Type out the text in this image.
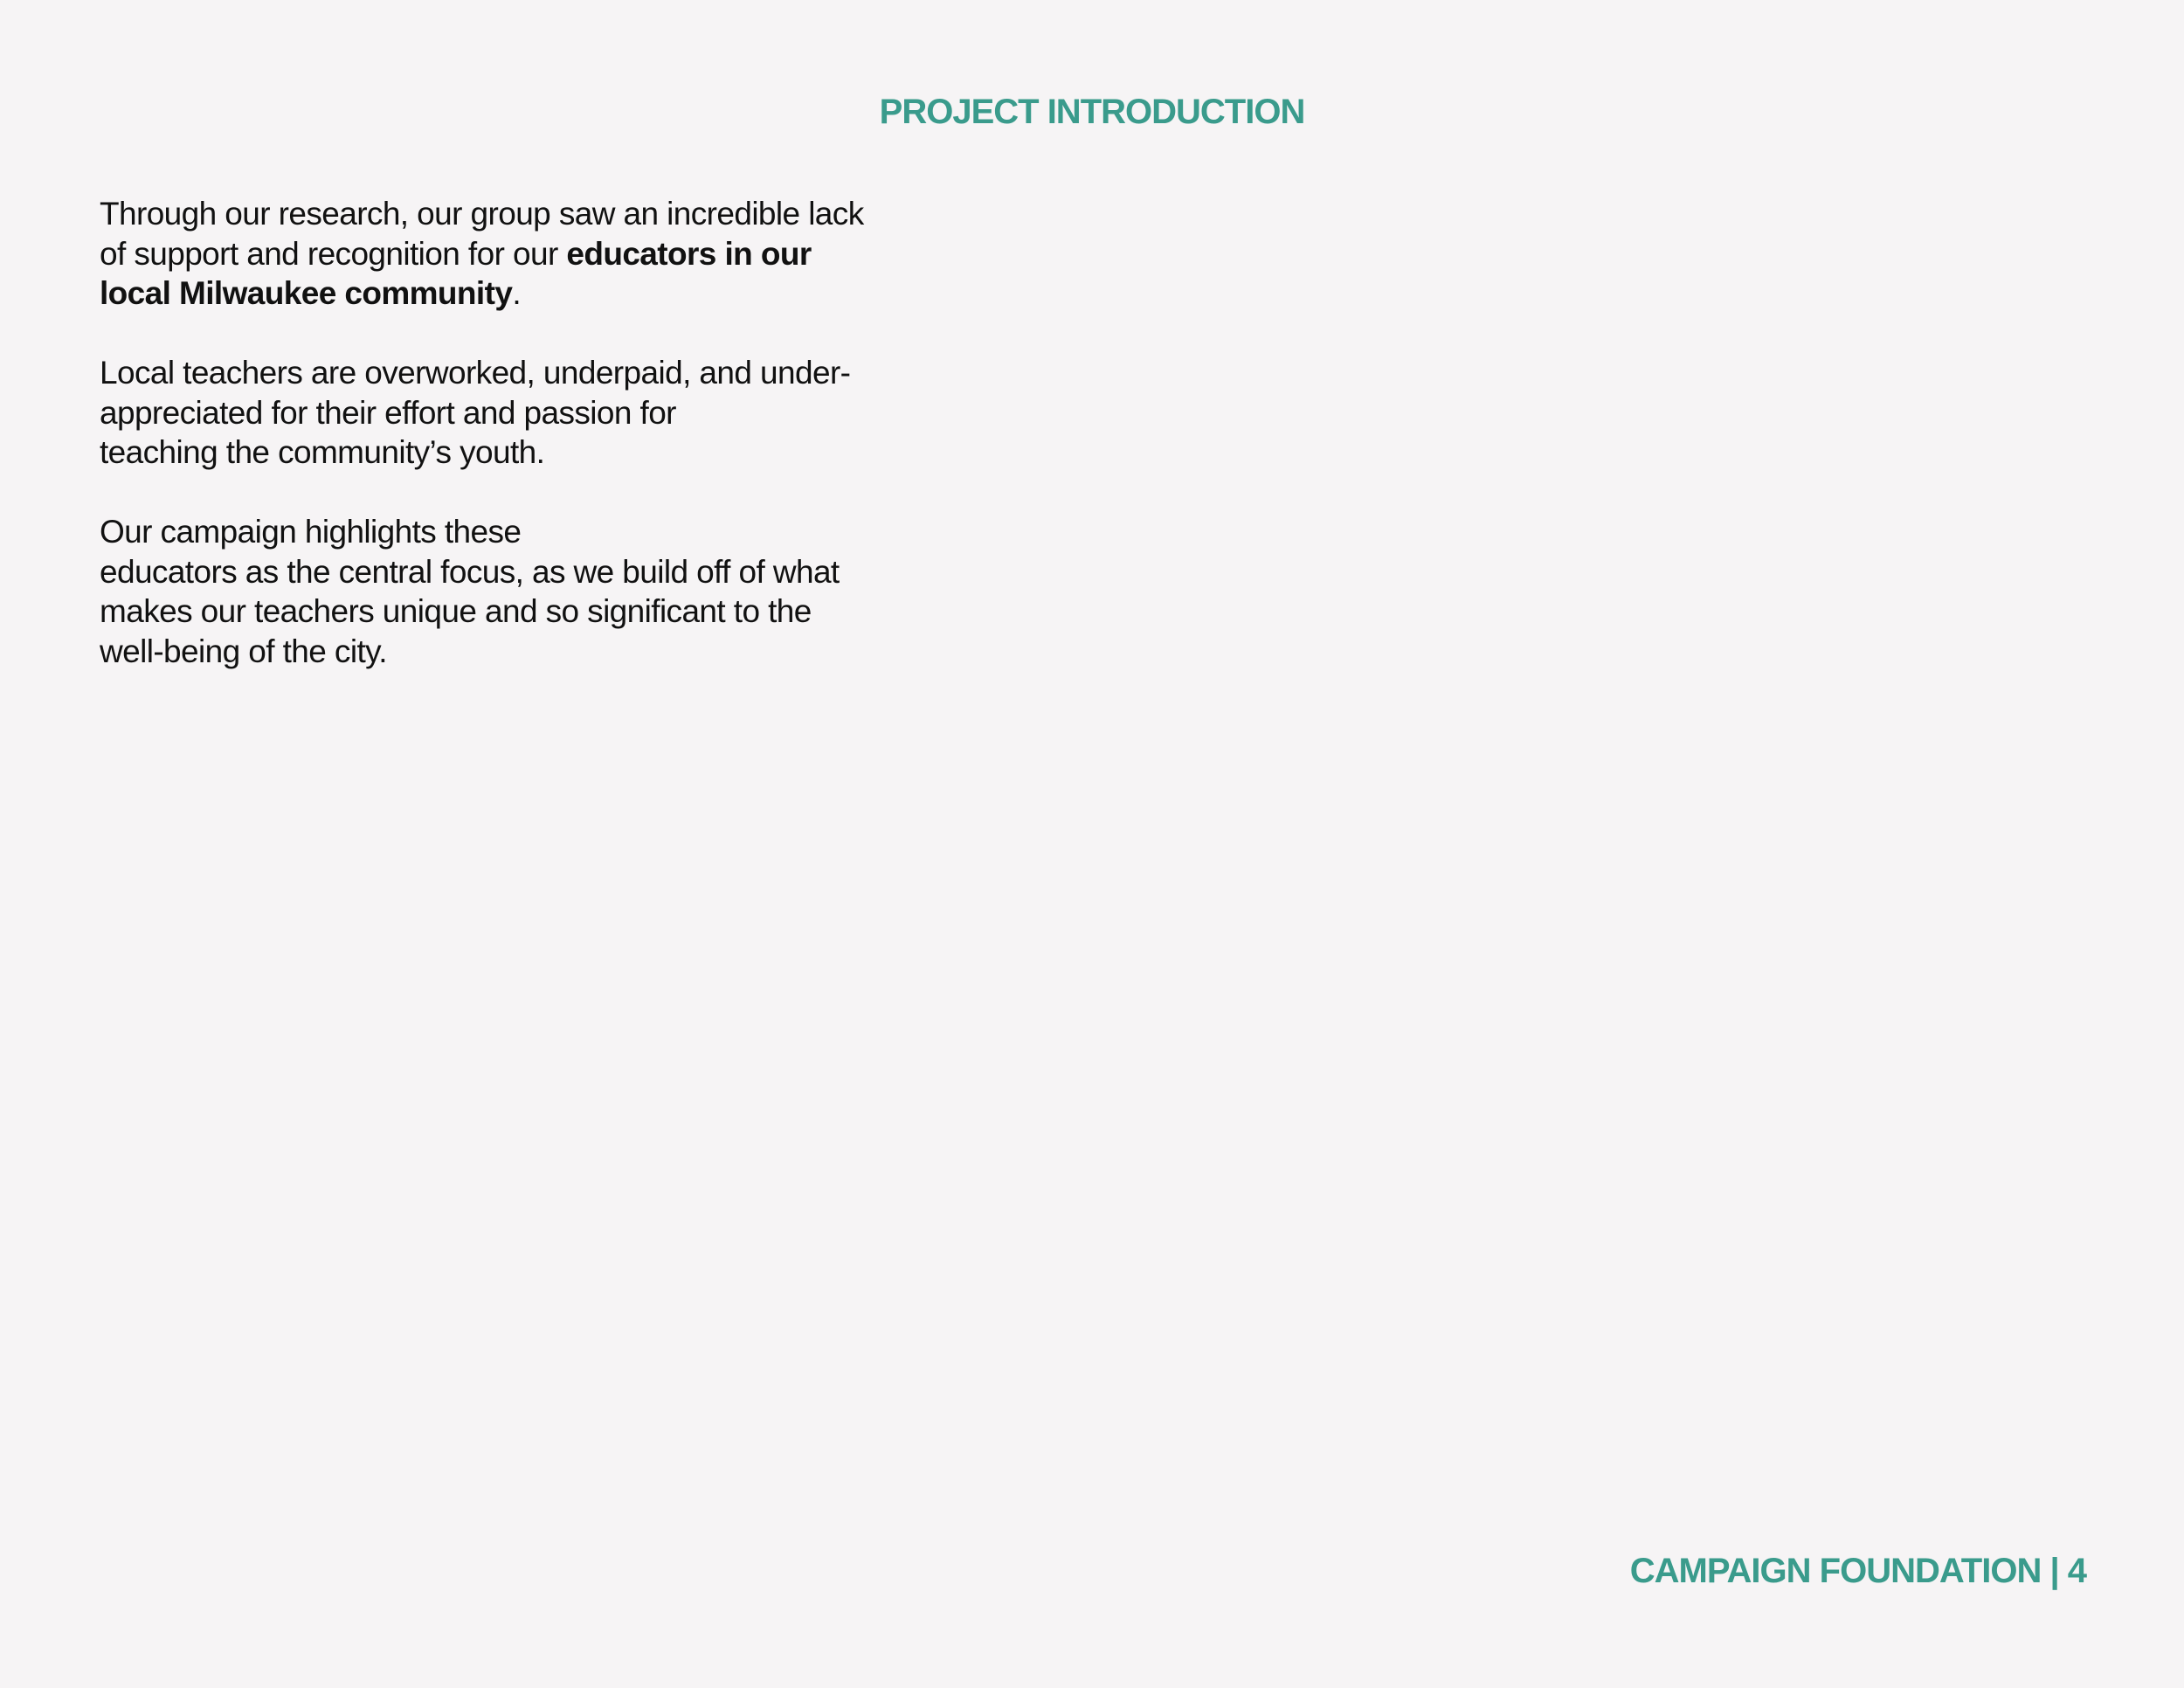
PROJECT INTRODUCTION

Through our research, our group saw an incredible lack
of support and recognition for our educators in our
local Milwaukee community.

Local teachers are overworked, underpaid, and under-
appreciated for their effort and passion for
teaching the community’s youth.

Our campaign highlights these
educators as the central focus, as we build off of what
makes our teachers unique and so significant to the
well-being of the city.

CAMPAIGN FOUNDATION | 4
